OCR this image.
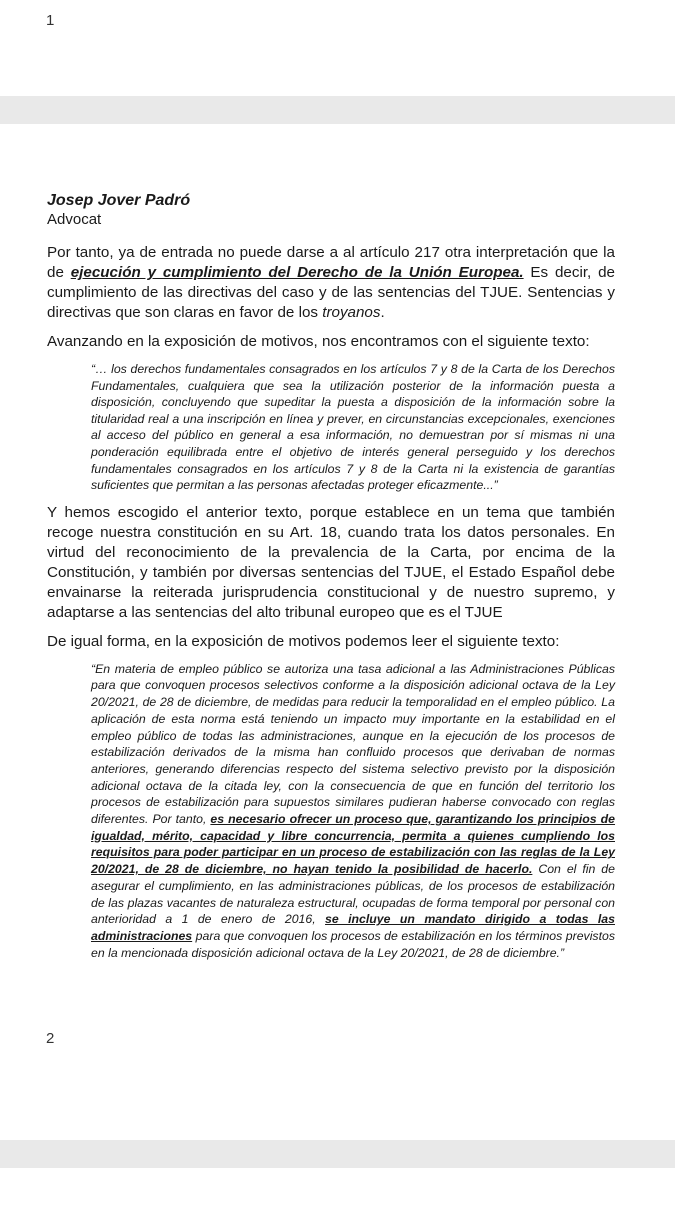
1

Josep Jover Padró

Advocat

Por tanto, ya de entrada no puede darse a al artículo 217 otra interpretación que la de ejecución y cumplimiento del Derecho de la Unión Europea. Es decir, de cumplimiento de las directivas del caso y de las sentencias del TJUE. Sentencias y directivas que son claras en favor de los troyanos.

Avanzando en la exposición de motivos, nos encontramos con el siguiente texto:

“… los derechos fundamentales consagrados en los artículos 7 y 8 de la Carta de los Derechos Fundamentales, cualquiera que sea la utilización posterior de la información puesta a disposición, concluyendo que supeditar la puesta a disposición de la información sobre la titularidad real a una inscripción en línea y prever, en circunstancias excepcionales, exenciones al acceso del público en general a esa información, no demuestran por sí mismas ni una ponderación equilibrada entre el objetivo de interés general perseguido y los derechos fundamentales consagrados en los artículos 7 y 8 de la Carta ni la existencia de garantías suficientes que permitan a las personas afectadas proteger eficazmente...”

Y hemos escogido el anterior texto, porque establece en un tema que también recoge nuestra constitución en su Art. 18, cuando trata los datos personales. En virtud del reconocimiento de la prevalencia de la Carta, por encima de la Constitución, y también por diversas sentencias del TJUE, el Estado Español debe envainarse la reiterada jurisprudencia constitucional y de nuestro supremo, y adaptarse a las sentencias del alto tribunal europeo que es el TJUE

De igual forma, en la exposición de motivos podemos leer el siguiente texto:

“En materia de empleo público se autoriza una tasa adicional a las Administraciones Públicas para que convoquen procesos selectivos conforme a la disposición adicional octava de la Ley 20/2021, de 28 de diciembre, de medidas para reducir la temporalidad en el empleo público. La aplicación de esta norma está teniendo un impacto muy importante en la estabilidad en el empleo público de todas las administraciones, aunque en la ejecución de los procesos de estabilización derivados de la misma han confluido procesos que derivaban de normas anteriores, generando diferencias respecto del sistema selectivo previsto por la disposición adicional octava de la citada ley, con la consecuencia de que en función del territorio los procesos de estabilización para supuestos similares pudieran haberse convocado con reglas diferentes. Por tanto, es necesario ofrecer un proceso que, garantizando los principios de igualdad, mérito, capacidad y libre concurrencia, permita a quienes cumpliendo los requisitos para poder participar en un proceso de estabilización con las reglas de la Ley 20/2021, de 28 de diciembre, no hayan tenido la posibilidad de hacerlo. Con el fin de asegurar el cumplimiento, en las administraciones públicas, de los procesos de estabilización de las plazas vacantes de naturaleza estructural, ocupadas de forma temporal por personal con anterioridad a 1 de enero de 2016, se incluye un mandato dirigido a todas las administraciones para que convoquen los procesos de estabilización en los términos previstos en la mencionada disposición adicional octava de la Ley 20/2021, de 28 de diciembre.”

2
